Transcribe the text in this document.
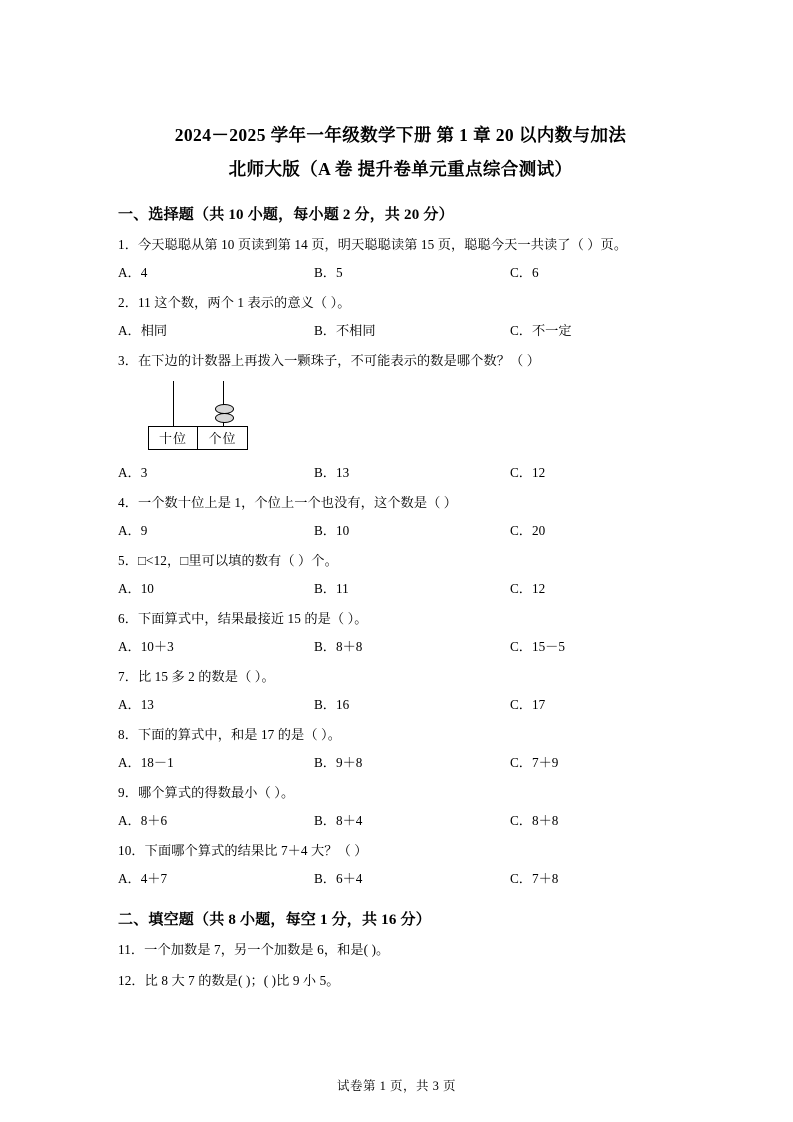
2024－2025 学年一年级数学下册 第 1 章 20 以内数与加法
北师大版（A 卷 提升卷单元重点综合测试）
一、选择题（共 10 小题，每小题 2 分，共 20 分）
1．今天聪聪从第 10 页读到第 14 页，明天聪聪读第 15 页，聪聪今天一共读了（ ）页。
A．4	B．5	C．6
2．11 这个数，两个 1 表示的意义（ ）。
A．相同	B．不相同	C．不一定
3．在下边的计数器上再拨入一颗珠子，不可能表示的数是哪个数？（ ）
十位	个位
A．3	B．13	C．12
4．一个数十位上是 1，个位上一个也没有，这个数是（ ）
A．9	B．10	C．20
5．□<12，□里可以填的数有（ ）个。
A．10	B．11	C．12
6．下面算式中，结果最接近 15 的是（ ）。
A．10＋3	B．8＋8	C．15－5
7．比 15 多 2 的数是（ ）。
A．13	B．16	C．17
8．下面的算式中，和是 17 的是（ ）。
A．18－1	B．9＋8	C．7＋9
9．哪个算式的得数最小（ ）。
A．8＋6	B．8＋4	C．8＋8
10．下面哪个算式的结果比 7＋4 大？（ ）
A．4＋7	B．6＋4	C．7＋8
二、填空题（共 8 小题，每空 1 分，共 16 分）
11．一个加数是 7，另一个加数是 6，和是( )。
12．比 8 大 7 的数是( )；( )比 9 小 5。
试卷第 1 页，共 3 页
